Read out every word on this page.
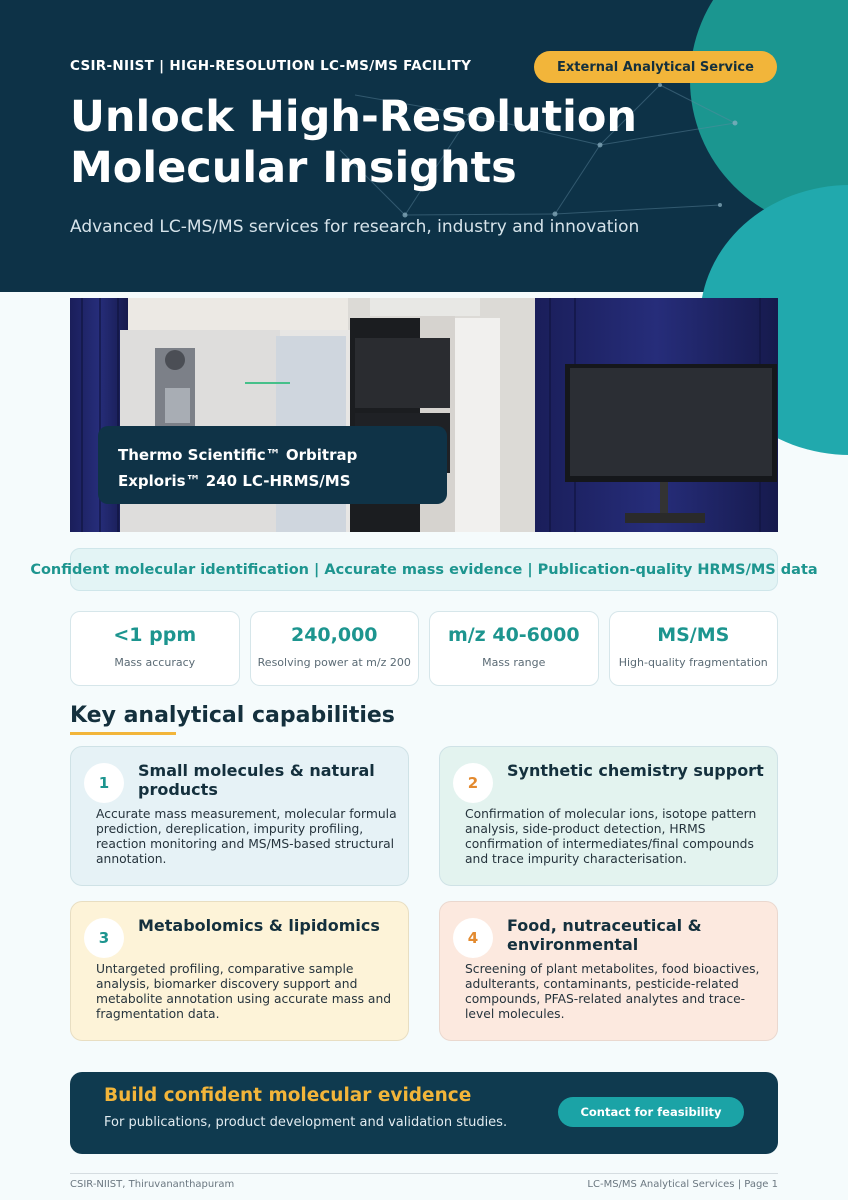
CSIR-NIIST | HIGH-RESOLUTION LC-MS/MS FACILITY	External Analytical Service
Unlock High-Resolution
Molecular Insights
Advanced LC-MS/MS services for research, industry and innovation
Thermo Scientific™ Orbitrap
Exploris™ 240 LC-HRMS/MS
Confident molecular identification | Accurate mass evidence | Publication-quality HRMS/MS data
<1 ppm
Mass accuracy
240,000
Resolving power at m/z 200
m/z 40-6000
Mass range
MS/MS
High-quality fragmentation
Key analytical capabilities
1
Small molecules & natural products
Accurate mass measurement, molecular formula prediction, dereplication, impurity profiling, reaction monitoring and MS/MS-based structural annotation.
2
Synthetic chemistry support
Confirmation of molecular ions, isotope pattern analysis, side-product detection, HRMS confirmation of intermediates/final compounds and trace impurity characterisation.
3
Metabolomics & lipidomics
Untargeted profiling, comparative sample analysis, biomarker discovery support and metabolite annotation using accurate mass and fragmentation data.
4
Food, nutraceutical & environmental
Screening of plant metabolites, food bioactives, adulterants, contaminants, pesticide-related compounds, PFAS-related analytes and trace-level molecules.
Build confident molecular evidence
For publications, product development and validation studies.
Contact for feasibility
CSIR-NIIST, Thiruvananthapuram	LC-MS/MS Analytical Services | Page 1
